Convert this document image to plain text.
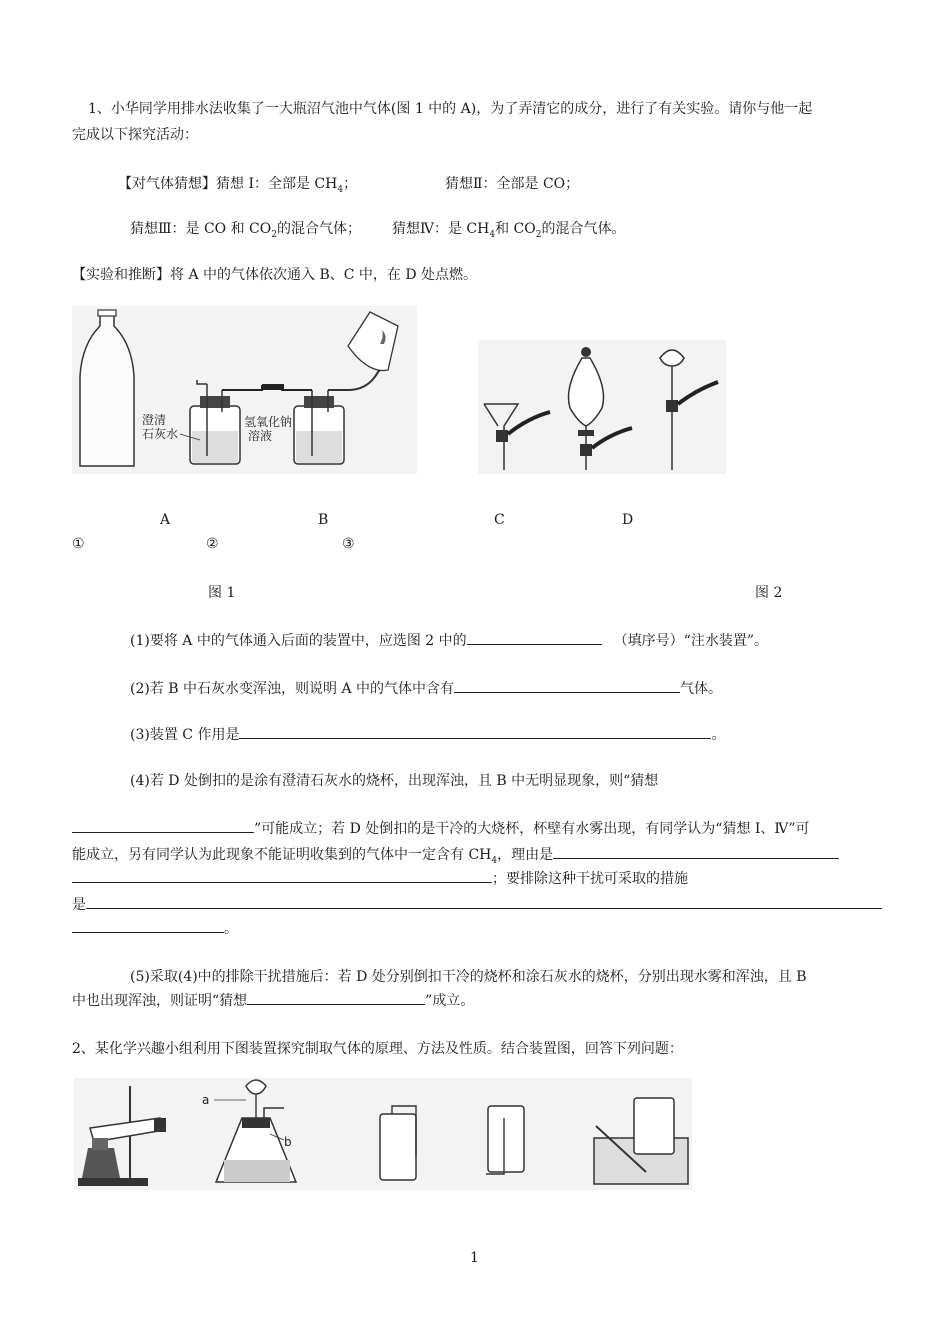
1、小华同学用排水法收集了一大瓶沼气池中气体(图 1 中的 A)，为了弄清它的成分，进行了有关实验。请你与他一起
完成以下探究活动：
【对气体猜想】猜想 I：全部是 $CH_4$；	猜想Ⅱ：全部是 CO；
猜想Ⅲ：是 CO 和 $CO_2$的混合气体； 猜想Ⅳ：是 $CH_4$和 $CO_2$的混合气体。
【实验和推断】将 A 中的气体依次通入 B、C 中，在 D 处点燃。
澄清
石灰水
氢氧化钠
溶液
A	B	C	D
①	②	③
图 1	图 2
(1)要将 A 中的气体通入后面的装置中，应选图 2 中的	（填序号）“注水装置”。
(2)若 B 中石灰水变浑浊，则说明 A 中的气体中含有	气体。
(3)装置 C 作用是	。
(4)若 D 处倒扣的是涂有澄清石灰水的烧杯，出现浑浊，且 B 中无明显现象，则“猜想
”可能成立；若 D 处倒扣的是干冷的大烧杯，杯壁有水雾出现，有同学认为“猜想 I、Ⅳ”可
能成立，另有同学认为此现象不能证明收集到的气体中一定含有 $CH_4$，理由是
；要排除这种干扰可采取的措施
是
。
(5)采取(4)中的排除干扰措施后：若 D 处分别倒扣干冷的烧杯和涂石灰水的烧杯，分别出现水雾和浑浊，且 B
中也出现浑浊，则证明“猜想	”成立。
2、某化学兴趣小组利用下图装置探究制取气体的原理、方法及性质。结合装置图，回答下列问题：
a
b
1
